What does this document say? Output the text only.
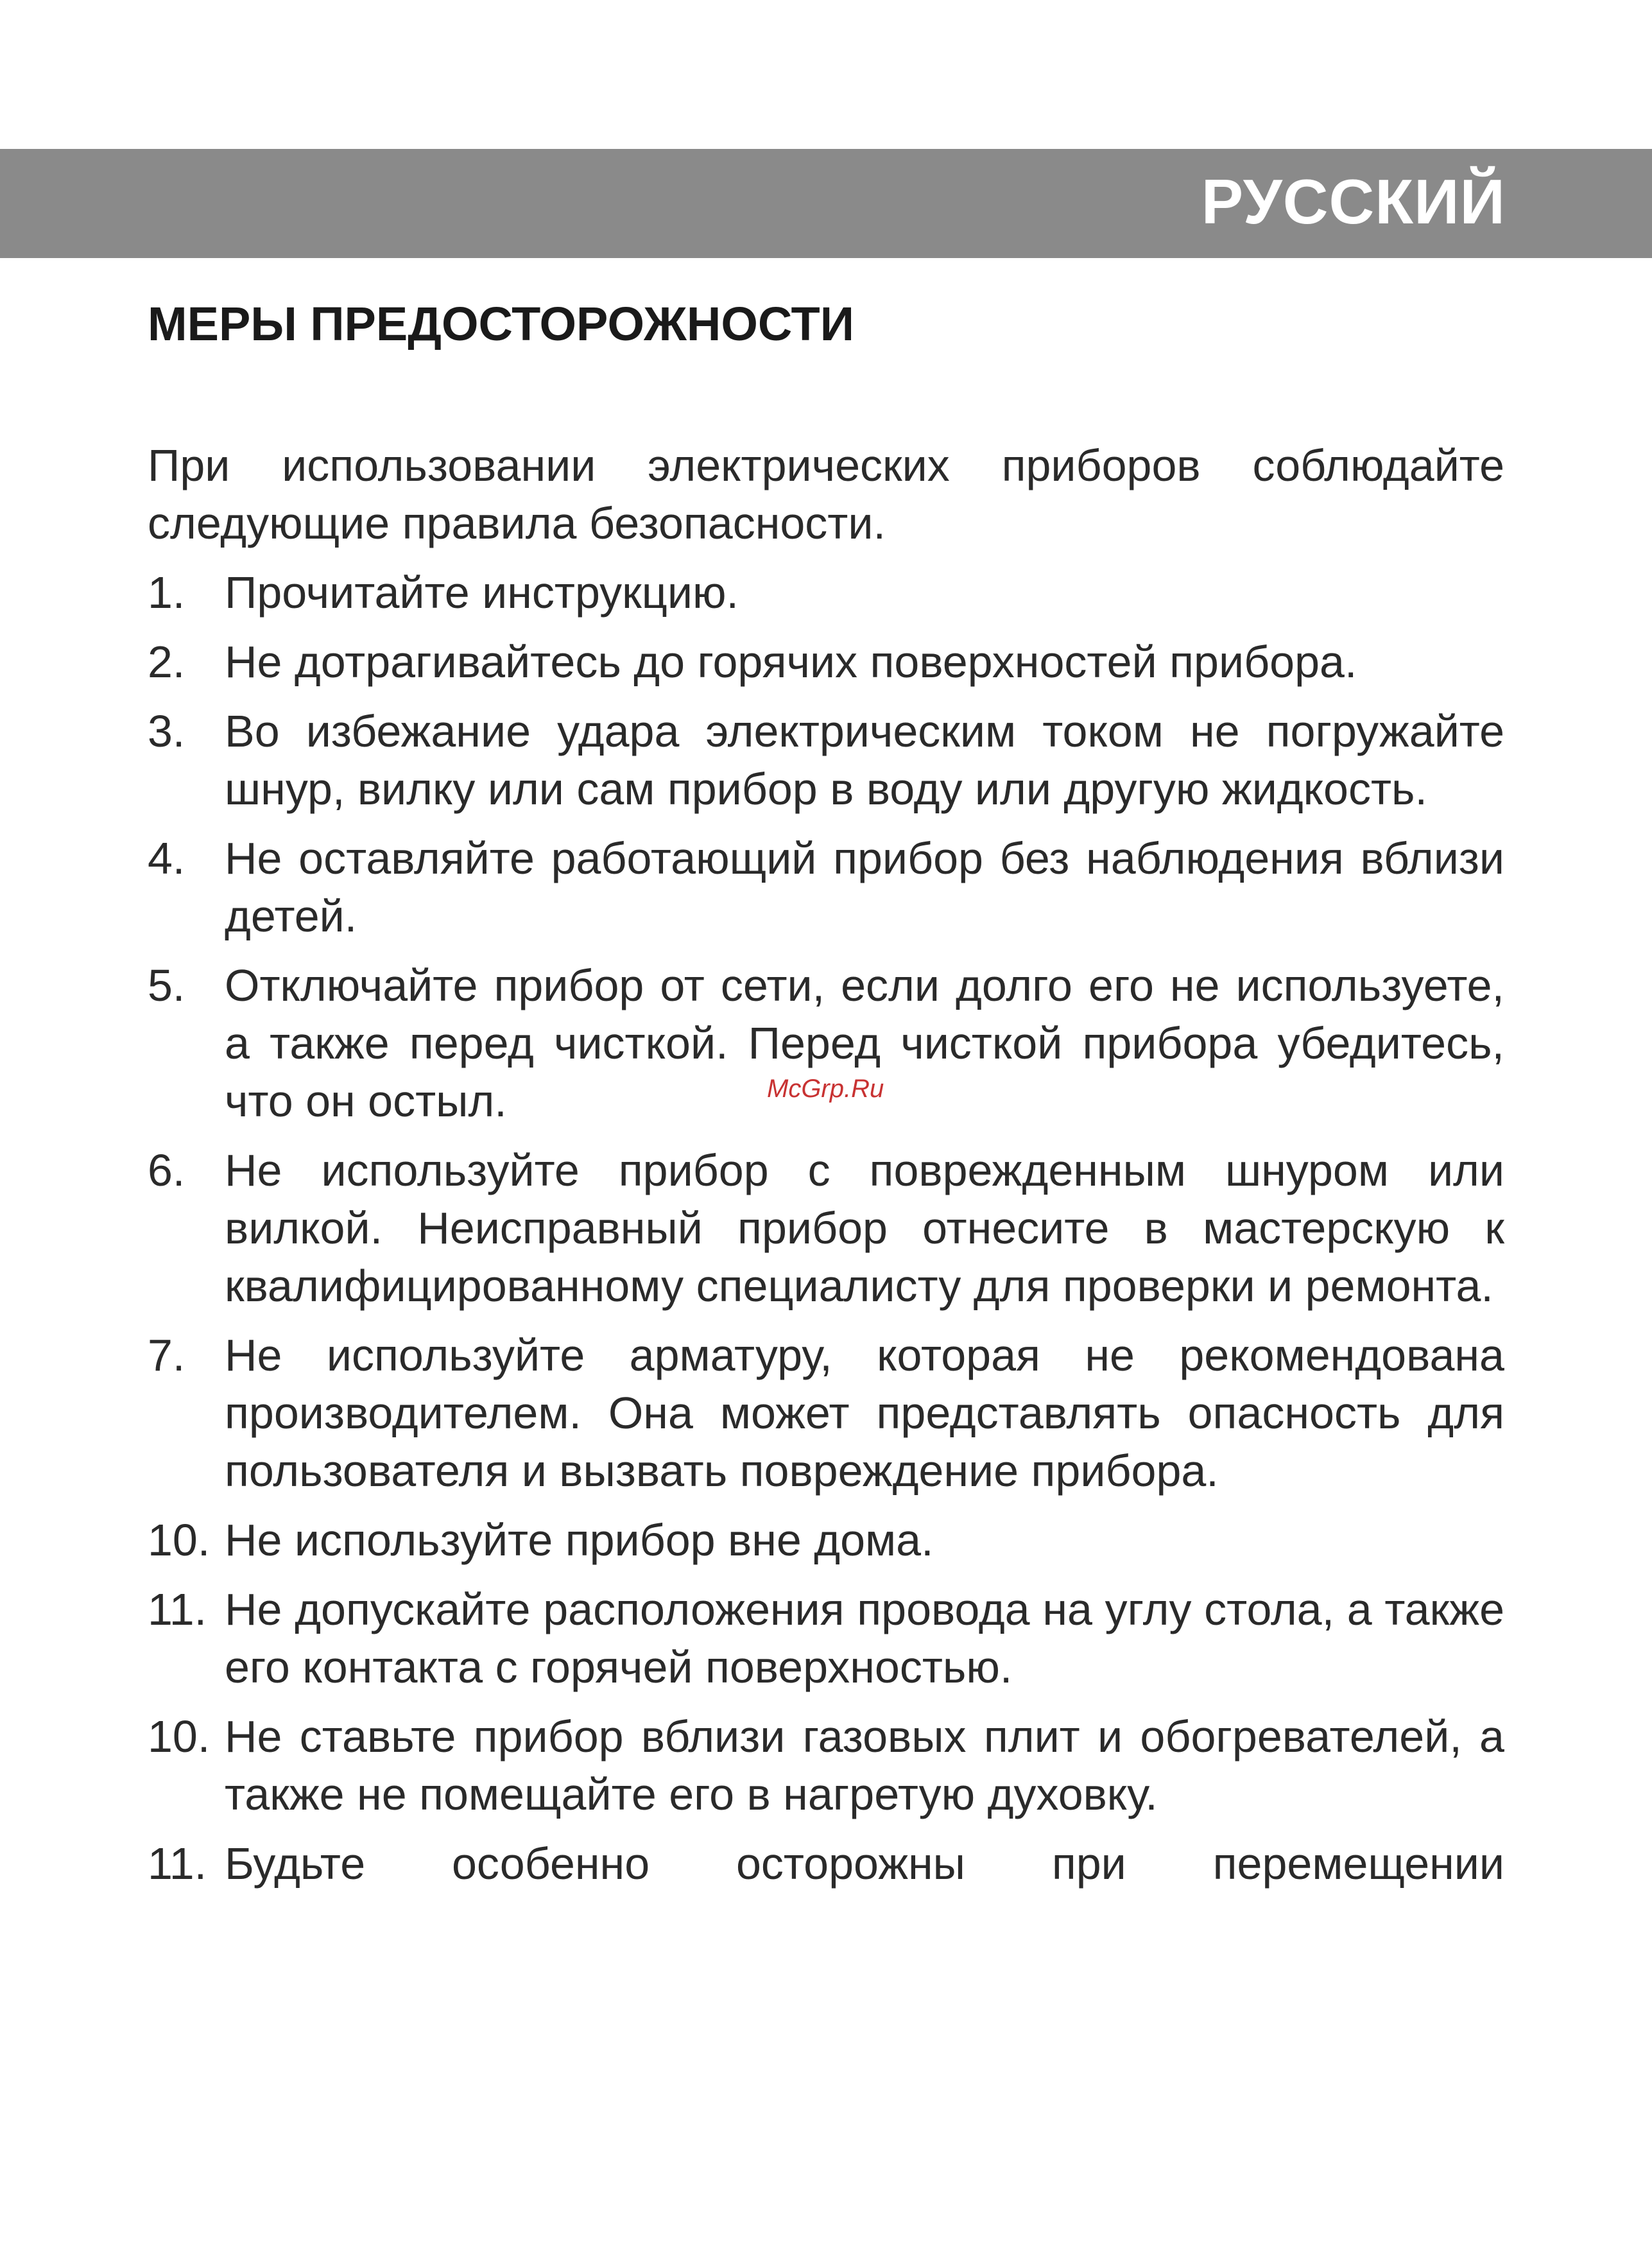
РУССКИЙ
МЕРЫ ПРЕДОСТОРОЖНОСТИ

При использовании электрических приборов соблюдайте следующие правила безопасности.

1. Прочитайте инструкцию.
2. Не дотрагивайтесь до горячих поверхностей прибора.
3. Во избежание удара электрическим током не погружайте шнур, вилку или сам прибор в воду или другую жидкость.
4. Не оставляйте работающий прибор без наблюдения вблизи детей.
5. Отключайте прибор от сети, если долго его не используете, а также перед чисткой. Перед чисткой прибора убедитесь, что он остыл.
6. Не используйте прибор с поврежденным шнуром или вилкой. Неисправный прибор отнесите в мастерскую к квалифицированному специалисту для проверки и ремонта.
7. Не используйте арматуру, которая не рекомендована производителем. Она может представлять опасность для пользователя и вызвать повреждение прибора.
10. Не используйте прибор вне дома.
11. Не допускайте расположения провода на углу стола, а также его контакта с горячей поверхностью.
10. Не ставьте прибор вблизи газовых плит и обогревателей, а также не помещайте его в нагретую духовку.
11. Будьте особенно осторожны при перемещении
McGrp.Ru
